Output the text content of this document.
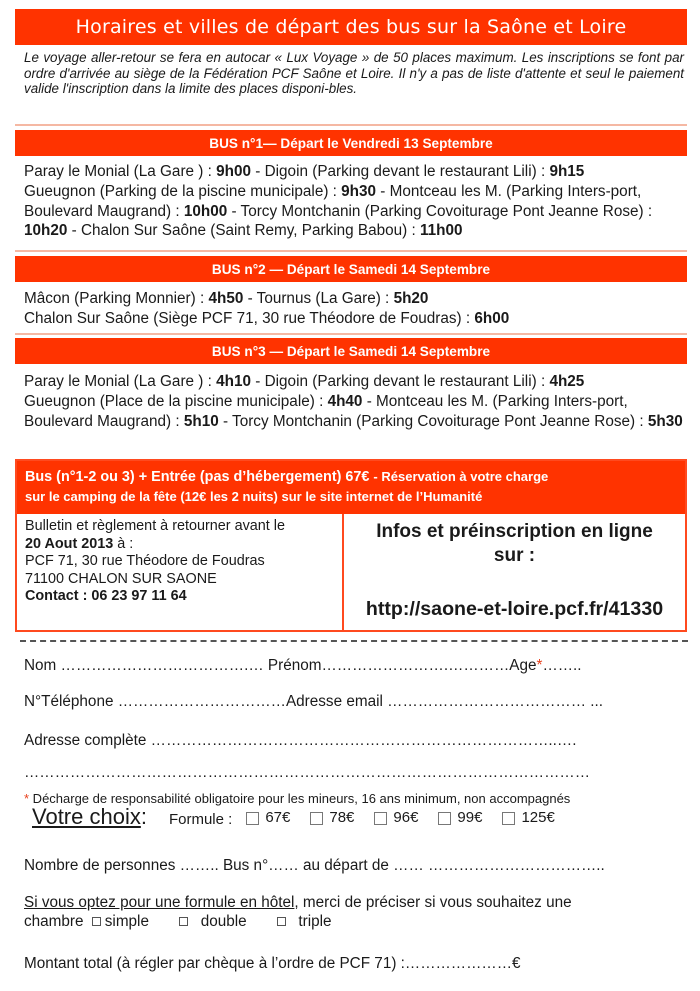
Horaires et villes de départ des bus sur la Saône et Loire

Le voyage aller-retour se fera en autocar « Lux Voyage » de 50 places maximum. Les inscriptions se font par ordre d'arrivée au siège de la Fédération PCF Saône et Loire. Il n'y a pas de liste d'attente et seul le paiement valide l'inscription dans la limite des places disponi-bles.

BUS n°1— Départ le Vendredi 13 Septembre
Paray le Monial (La Gare ) : 9h00 - Digoin (Parking devant le restaurant Lili) : 9h15
Gueugnon (Parking de la piscine municipale) : 9h30 - Montceau les M. (Parking Inters-port, Boulevard Maugrand) : 10h00 - Torcy Montchanin (Parking Covoiturage Pont Jeanne Rose) : 10h20 - Chalon Sur Saône (Saint Remy, Parking Babou) : 11h00
BUS n°2 — Départ le Samedi 14 Septembre
Mâcon (Parking Monnier) : 4h50 - Tournus (La Gare) : 5h20
Chalon Sur Saône (Siège PCF 71, 30 rue Théodore de Foudras) : 6h00
BUS n°3 — Départ le Samedi 14 Septembre
Paray le Monial (La Gare ) : 4h10 - Digoin (Parking devant le restaurant Lili) : 4h25
Gueugnon (Place de la piscine municipale) : 4h40 - Montceau les M. (Parking Inters-port, Boulevard Maugrand) : 5h10 - Torcy Montchanin (Parking Covoiturage Pont Jeanne Rose) : 5h30
Bus (n°1-2 ou 3) + Entrée (pas d’hébergement) 67€ - Réservation à votre charge
sur le camping de la fête (12€ les 2 nuits) sur le site internet de l’Humanité
Bulletin et règlement à retourner avant le
20 Aout 2013 à :
PCF 71, 30 rue Théodore de Foudras
71100 CHALON SUR SAONE
Contact : 06 23 97 11 64
Infos et préinscription en ligne
sur :
http://saone-et-loire.pcf.fr/41330
Nom ……………………………….… Prénom…………………….…………Age*……..
N°Téléphone ……………………………Adresse email ………………………………… ...
Adresse complète ……………………………………………………………………..….
…………………………………………………………………………………………………
* Décharge de responsabilité obligatoire pour les mineurs, 16 ans minimum, non accompagnés
Votre choix : Formule : 67€	78€	96€	99€	125€
Nombre de personnes …….. Bus n°…… au départ de …… ……………………………..
Si vous optez pour une formule en hôtel, merci de préciser si vous souhaitez une
chambre simple	double	triple
Montant total (à régler par chèque à l’ordre de PCF 71) :…………………€
